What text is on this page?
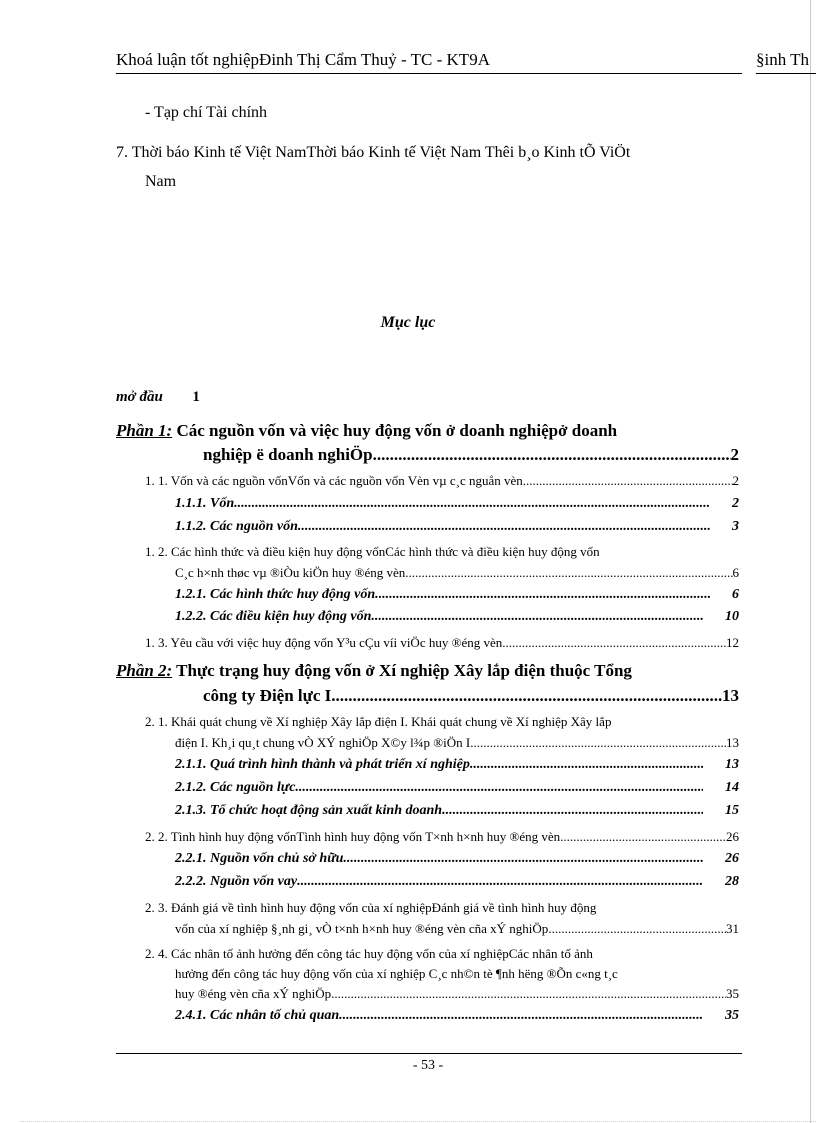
Khoá luận tốt nghiệpĐinh Thị Cẩm Thuỷ - TC - KT9A	§inh Th
- Tạp chí Tài chính
7. Thời báo Kinh tế Việt NamThời báo Kinh tế Việt Nam Thêi b¸o Kinh tÕ ViÖt
Nam
Mục lục
mở đầu 1
Phần 1: Các nguồn vốn và việc huy động vốn ở doanh nghiệpở doanh
nghiệp ë doanh nghiÖp .....	2
1. 1. Vốn và các nguồn vốnVốn và các nguồn vốn Vèn vµ c¸c nguån vèn .....	2
1.1.1. Vốn .....	2
1.1.2. Các nguồn vốn .....	3
1. 2. Các hình thức và điều kiện huy động vốnCác hình thức và điều kiện huy động vốn
C¸c h×nh thøc vµ ®iÒu kiÖn huy ®éng vèn .....	6
1.2.1. Các hình thức huy động vốn. .....	6
1.2.2. Các điều kiện huy động vốn .....	10
1. 3. Yêu cầu với việc huy động vốn Y³u cÇu víi viÖc huy ®éng vèn .....	12
Phần 2: Thực trạng huy động vốn ở Xí nghiệp Xây lắp điện thuộc Tổng
công ty Điện lực I .....	13
2. 1. Khái quát chung về Xí nghiệp Xây lắp điện I. Khái quát chung về Xí nghiệp Xây lắp
điện I. Kh¸i qu¸t chung vÒ XÝ nghiÖp X©y l¾p ®iÖn I .....	13
2.1.1. Quá trình hình thành và phát triển xí nghiệp. .....	13
2.1.2. Các nguồn lực .....	14
2.1.3. Tổ chức hoạt động sản xuất kinh doanh .....	15
2. 2. Tình hình huy động vốnTình hình huy động vốn T×nh h×nh huy ®éng vèn .....	26
2.2.1. Nguồn vốn chủ sở hữu .....	26
2.2.2. Nguồn vốn vay .....	28
2. 3. Đánh giá về tình hình huy động vốn của xí nghiệpĐánh giá về tình hình huy động
vốn của xí nghiệp §¸nh gi¸ vÒ t×nh h×nh huy ®éng vèn cña xÝ nghiÖp .....	31
2. 4. Các nhân tố ảnh hưởng đến công tác huy động vốn của xí nghiệpCác nhân tố ảnh
hưởng đến công tác huy động vốn của xí nghiệp C¸c nh©n tè ¶nh hëng ®Õn c«ng t¸c
huy ®éng vèn cña xÝ nghiÖp .....	35
2.4.1. Các nhân tố chủ quan .....	35
- 53 -
